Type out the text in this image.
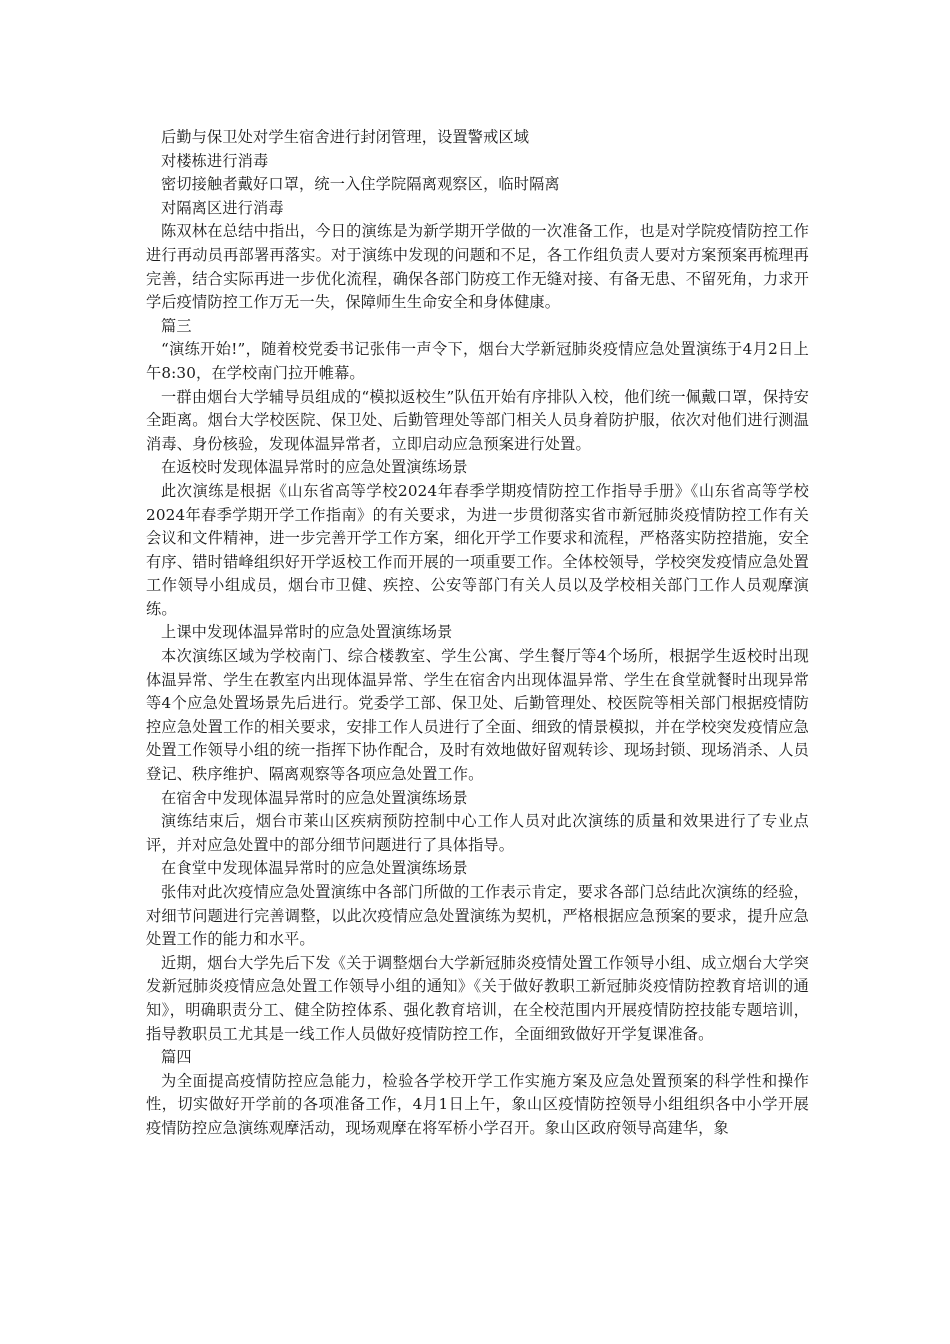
后勤与保卫处对学生宿舍进行封闭管理，设置警戒区域

对楼栋进行消毒

密切接触者戴好口罩，统一入住学院隔离观察区，临时隔离

对隔离区进行消毒

陈双林在总结中指出，今日的演练是为新学期开学做的一次准备工作，也是对学院疫情防控工作进行再动员再部署再落实。对于演练中发现的问题和不足，各工作组负责人要对方案预案再梳理再完善，结合实际再进一步优化流程，确保各部门防疫工作无缝对接、有备无患、不留死角，力求开学后疫情防控工作万无一失，保障师生生命安全和身体健康。

篇三

“演练开始!”，随着校党委书记张伟一声令下，烟台大学新冠肺炎疫情应急处置演练于4月2日上午8:30，在学校南门拉开帷幕。

一群由烟台大学辅导员组成的“模拟返校生”队伍开始有序排队入校，他们统一佩戴口罩，保持安全距离。烟台大学校医院、保卫处、后勤管理处等部门相关人员身着防护服，依次对他们进行测温消毒、身份核验，发现体温异常者，立即启动应急预案进行处置。

在返校时发现体温异常时的应急处置演练场景

此次演练是根据《山东省高等学校2024年春季学期疫情防控工作指导手册》《山东省高等学校2024年春季学期开学工作指南》的有关要求，为进一步贯彻落实省市新冠肺炎疫情防控工作有关会议和文件精神，进一步完善开学工作方案，细化开学工作要求和流程，严格落实防控措施，安全有序、错时错峰组织好开学返校工作而开展的一项重要工作。全体校领导，学校突发疫情应急处置工作领导小组成员，烟台市卫健、疾控、公安等部门有关人员以及学校相关部门工作人员观摩演练。

上课中发现体温异常时的应急处置演练场景

本次演练区域为学校南门、综合楼教室、学生公寓、学生餐厅等4个场所，根据学生返校时出现体温异常、学生在教室内出现体温异常、学生在宿舍内出现体温异常、学生在食堂就餐时出现异常等4个应急处置场景先后进行。党委学工部、保卫处、后勤管理处、校医院等相关部门根据疫情防控应急处置工作的相关要求，安排工作人员进行了全面、细致的情景模拟，并在学校突发疫情应急处置工作领导小组的统一指挥下协作配合，及时有效地做好留观转诊、现场封锁、现场消杀、人员登记、秩序维护、隔离观察等各项应急处置工作。

在宿舍中发现体温异常时的应急处置演练场景

演练结束后，烟台市莱山区疾病预防控制中心工作人员对此次演练的质量和效果进行了专业点评，并对应急处置中的部分细节问题进行了具体指导。

在食堂中发现体温异常时的应急处置演练场景

张伟对此次疫情应急处置演练中各部门所做的工作表示肯定，要求各部门总结此次演练的经验，对细节问题进行完善调整，以此次疫情应急处置演练为契机，严格根据应急预案的要求，提升应急处置工作的能力和水平。

近期，烟台大学先后下发《关于调整烟台大学新冠肺炎疫情处置工作领导小组、成立烟台大学突发新冠肺炎疫情应急处置工作领导小组的通知》《关于做好教职工新冠肺炎疫情防控教育培训的通知》，明确职责分工、健全防控体系、强化教育培训，在全校范围内开展疫情防控技能专题培训，指导教职员工尤其是一线工作人员做好疫情防控工作，全面细致做好开学复课准备。

篇四

为全面提高疫情防控应急能力，检验各学校开学工作实施方案及应急处置预案的科学性和操作性，切实做好开学前的各项准备工作，4月1日上午，象山区疫情防控领导小组组织各中小学开展疫情防控应急演练观摩活动，现场观摩在将军桥小学召开。象山区政府领导高建华，象
